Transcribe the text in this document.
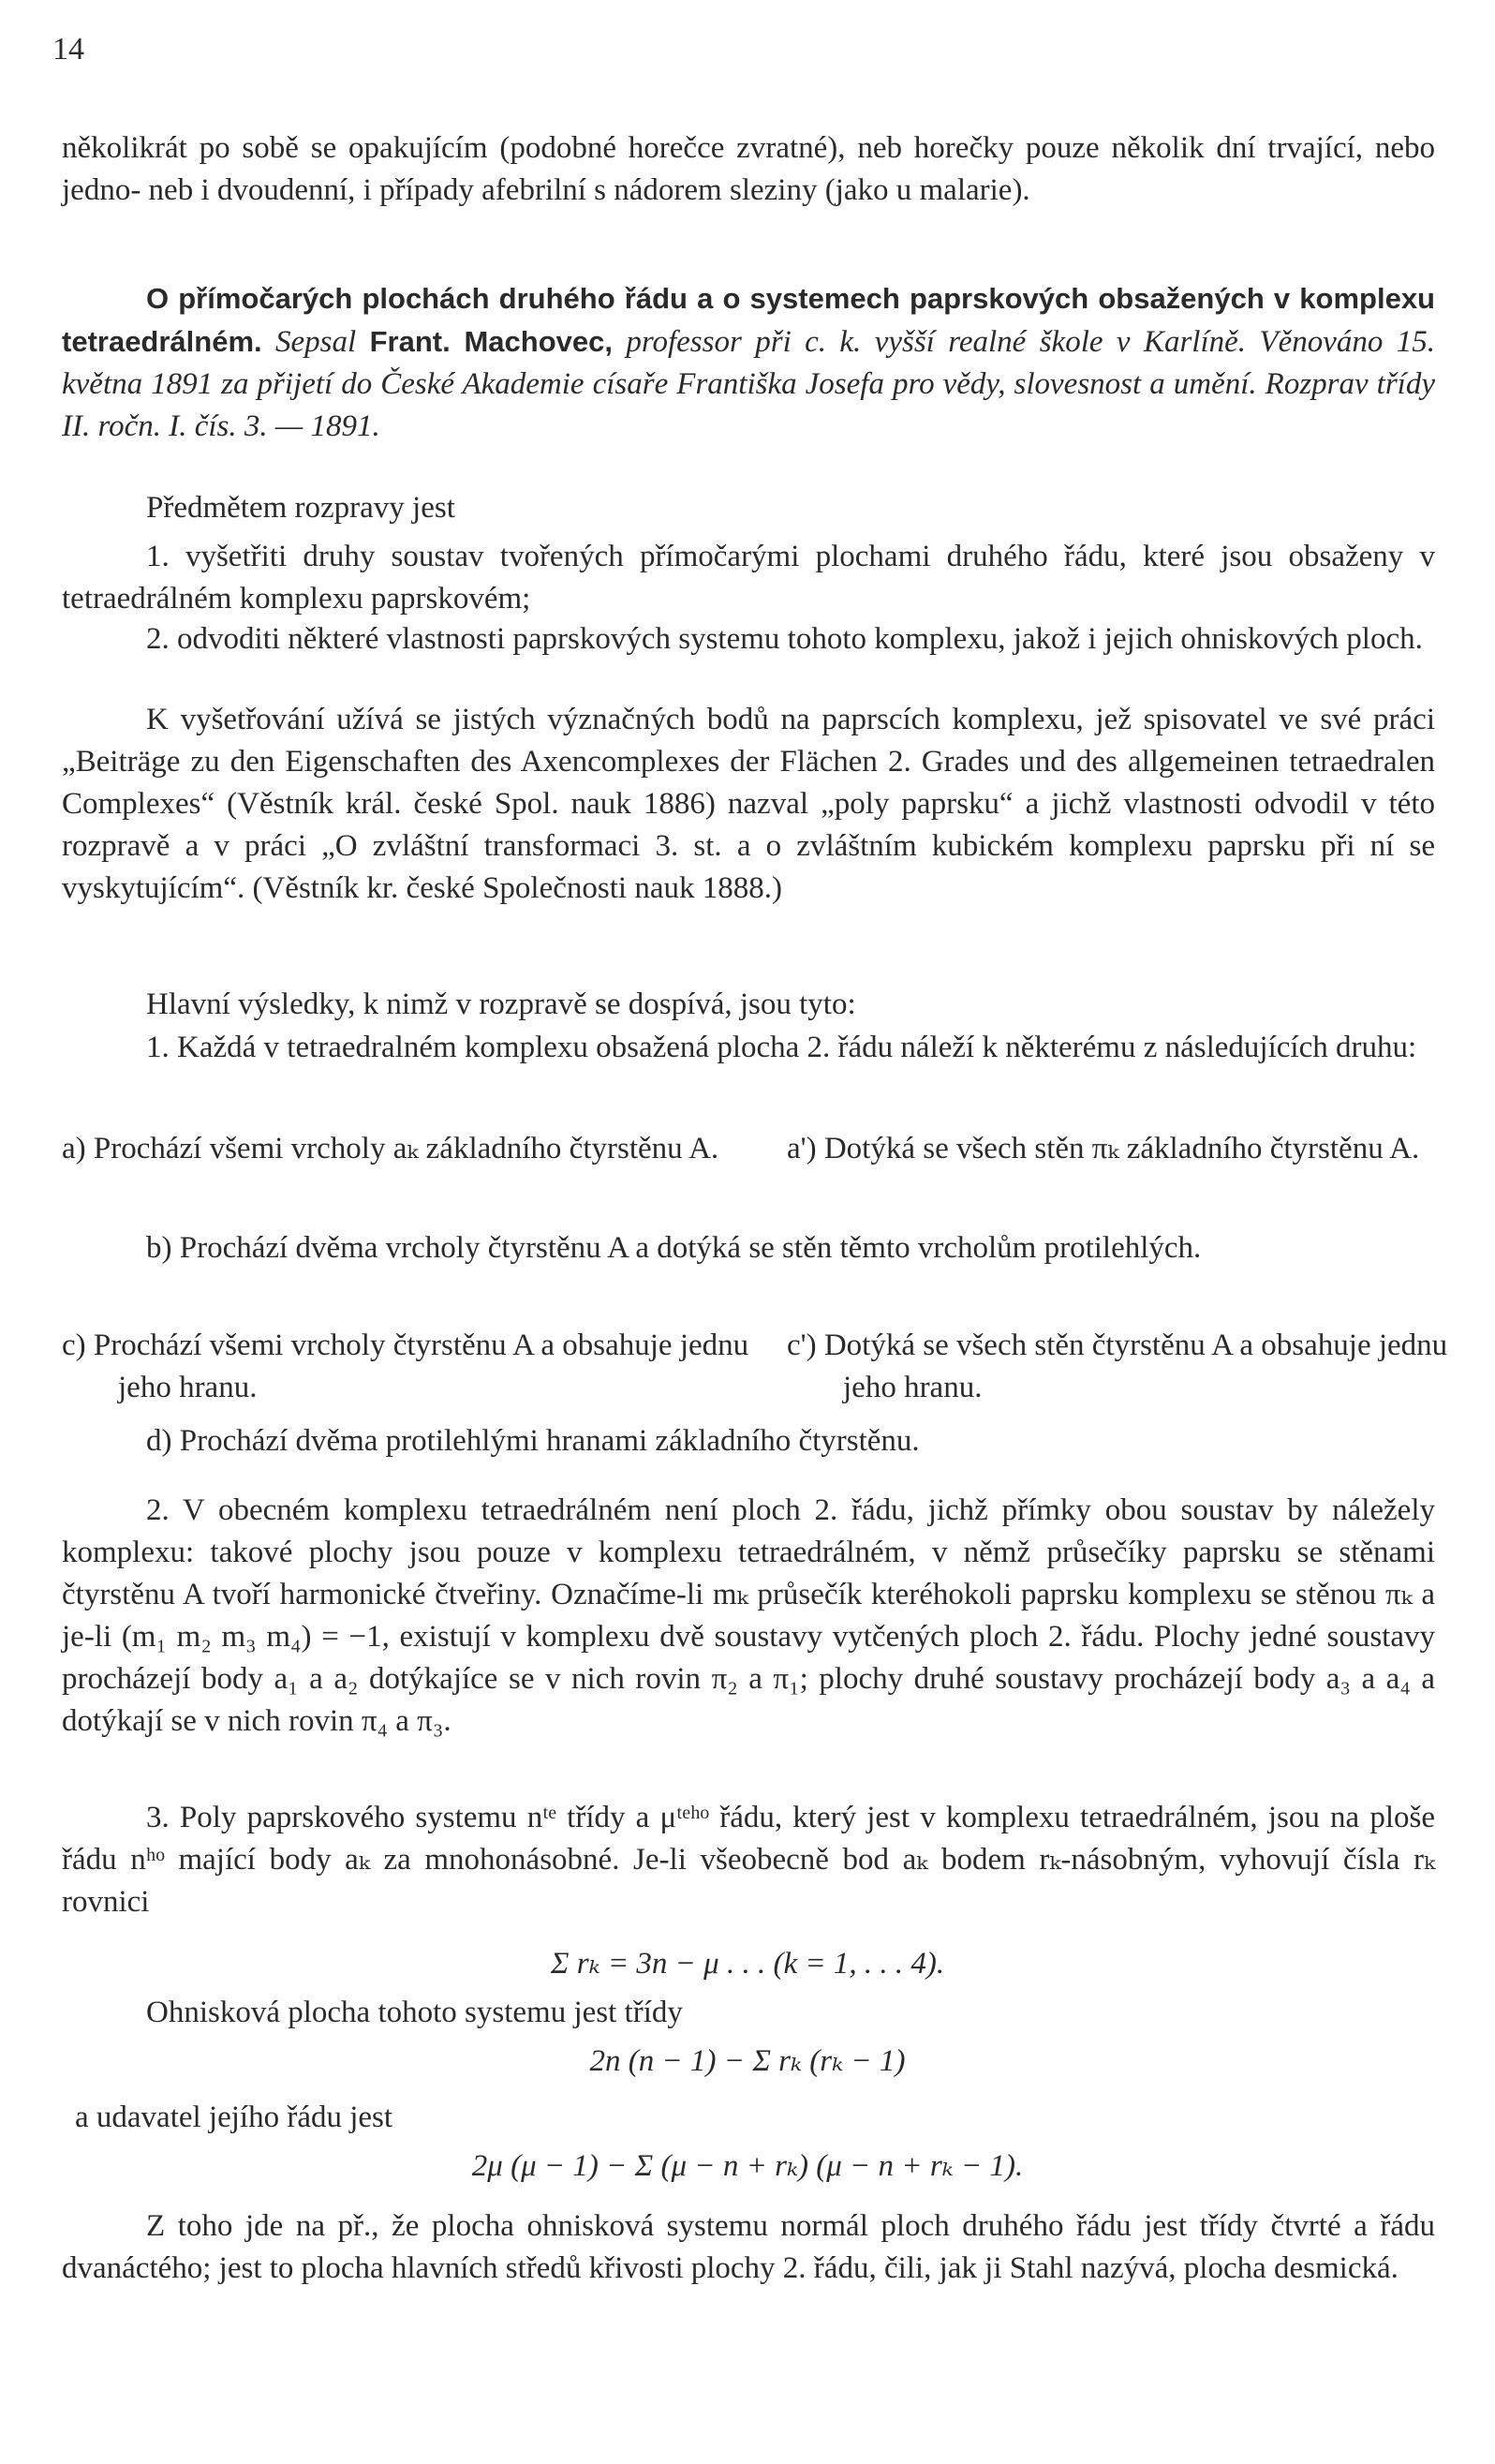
14

několikrát po sobě se opakujícím (podobné horečce zvratné), neb horečky pouze několik dní trvající, nebo jedno- neb i dvoudenní, i případy afebrilní s nádorem sleziny (jako u malarie).

O přímočarých plochách druhého řádu a o systemech paprskových obsažených v komplexu tetraedrálném. Sepsal Frant. Machovec, professor při c. k. vyšší realné škole v Karlíně. Věnováno 15. května 1891 za přijetí do České Akademie císaře Františka Josefa pro vědy, slovesnost a umění. Rozprav třídy II. ročn. I. čís. 3. — 1891.

Předmětem rozpravy jest

1. vyšetřiti druhy soustav tvořených přímočarými plochami druhého řádu, které jsou obsaženy v tetraedrálném komplexu paprskovém;

2. odvoditi některé vlastnosti paprskových systemu tohoto komplexu, jakož i jejich ohniskových ploch.

K vyšetřování užívá se jistých význačných bodů na paprscích komplexu, jež spisovatel ve své práci „Beiträge zu den Eigenschaften des Axencomplexes der Flächen 2. Grades und des allgemeinen tetraedralen Complexes“ (Věstník král. české Spol. nauk 1886) nazval „poly paprsku“ a jichž vlastnosti odvodil v této rozpravě a v práci „O zvláštní transformaci 3. st. a o zvláštním kubickém komplexu paprsku při ní se vyskytujícím“. (Věstník kr. české Společnosti nauk 1888.)

Hlavní výsledky, k nimž v rozpravě se dospívá, jsou tyto:

1. Každá v tetraedralném komplexu obsažená plocha 2. řádu náleží k některému z následujících druhu:

a) Prochází všemi vrcholy aₖ základního čtyrstěnu A.	a') Dotýká se všech stěn πₖ základního čtyrstěnu A.

b) Prochází dvěma vrcholy čtyrstěnu A a dotýká se stěn těmto vrcholům protilehlých.

c) Prochází všemi vrcholy čtyrstěnu A a obsahuje jednu jeho hranu.

c') Dotýká se všech stěn čtyrstěnu A a obsahuje jednu jeho hranu.

d) Prochází dvěma protilehlými hranami základního čtyrstěnu.

2. V obecném komplexu tetraedrálném není ploch 2. řádu, jichž přímky obou soustav by náležely komplexu: takové plochy jsou pouze v komplexu tetraedrálném, v němž průsečíky paprsku se stěnami čtyrstěnu A tvoří harmonické čtveřiny. Označíme-li mₖ průsečík kteréhokoli paprsku komplexu se stěnou πₖ a je-li (m₁ m₂ m₃ m₄) = −1, existují v komplexu dvě soustavy vytčených ploch 2. řádu. Plochy jedné soustavy procházejí body a₁ a a₂ dotýkajíce se v nich rovin π₂ a π₁; plochy druhé soustavy procházejí body a₃ a a₄ a dotýkají se v nich rovin π₄ a π₃.

3. Poly paprskového systemu nᵗᵉ třídy a μᵗᵉʰᵒ řádu, který jest v komplexu tetraedrálném, jsou na ploše řádu nʰᵒ mající body aₖ za mnohonásobné. Je-li všeobecně bod aₖ bodem rₖ-násobným, vyhovují čísla rₖ rovnici

Σ rₖ = 3n − μ . . . (k = 1, . . . 4).

Ohnisková plocha tohoto systemu jest třídy

2n (n − 1) − Σ rₖ (rₖ − 1)

a udavatel jejího řádu jest

2μ (μ − 1) − Σ (μ − n + rₖ) (μ − n + rₖ − 1).

Z toho jde na př., že plocha ohnisková systemu normál ploch druhého řádu jest třídy čtvrté a řádu dvanáctého; jest to plocha hlavních středů křivosti plochy 2. řádu, čili, jak ji Stahl nazývá, plocha desmická.
